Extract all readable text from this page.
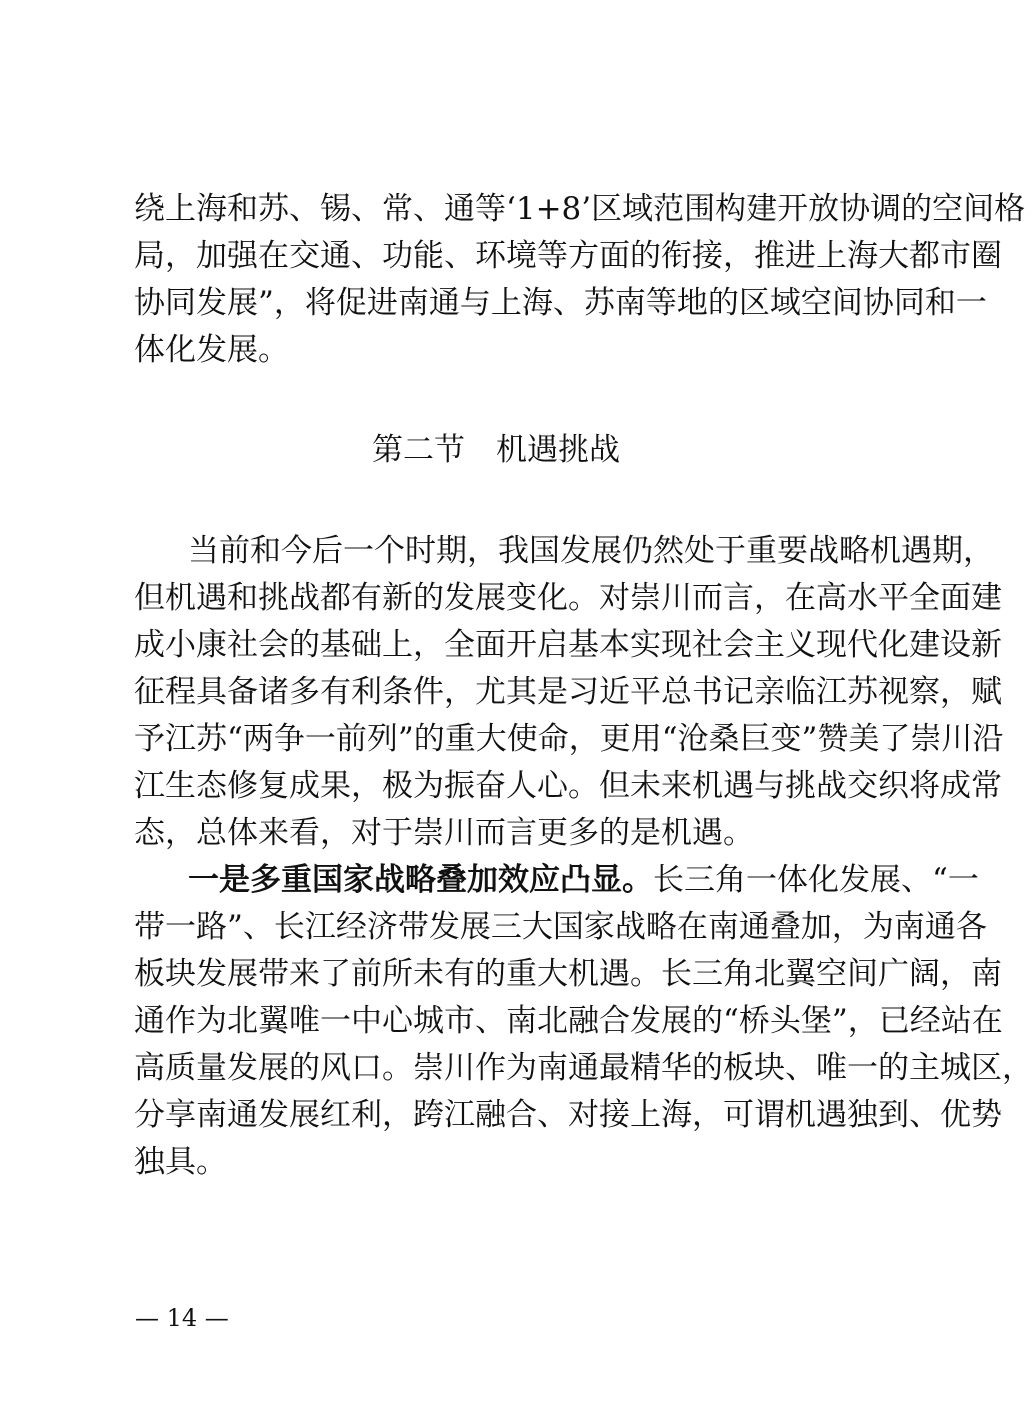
绕上海和苏、锡、常、通等‘1+8’区域范围构建开放协调的空间格
局，加强在交通、功能、环境等方面的衔接，推进上海大都市圈
协同发展”，将促进南通与上海、苏南等地的区域空间协同和一
体化发展。
第二节　机遇挑战
当前和今后一个时期，我国发展仍然处于重要战略机遇期，
但机遇和挑战都有新的发展变化。对崇川而言，在高水平全面建
成小康社会的基础上，全面开启基本实现社会主义现代化建设新
征程具备诸多有利条件，尤其是习近平总书记亲临江苏视察，赋
予江苏“两争一前列”的重大使命，更用“沧桑巨变”赞美了崇川沿
江生态修复成果，极为振奋人心。但未来机遇与挑战交织将成常
态，总体来看，对于崇川而言更多的是机遇。
一是多重国家战略叠加效应凸显。长三角一体化发展、“一
带一路”、长江经济带发展三大国家战略在南通叠加，为南通各
板块发展带来了前所未有的重大机遇。长三角北翼空间广阔，南
通作为北翼唯一中心城市、南北融合发展的“桥头堡”，已经站在
高质量发展的风口。崇川作为南通最精华的板块、唯一的主城区，
分享南通发展红利，跨江融合、对接上海，可谓机遇独到、优势
独具。
— 14 —
